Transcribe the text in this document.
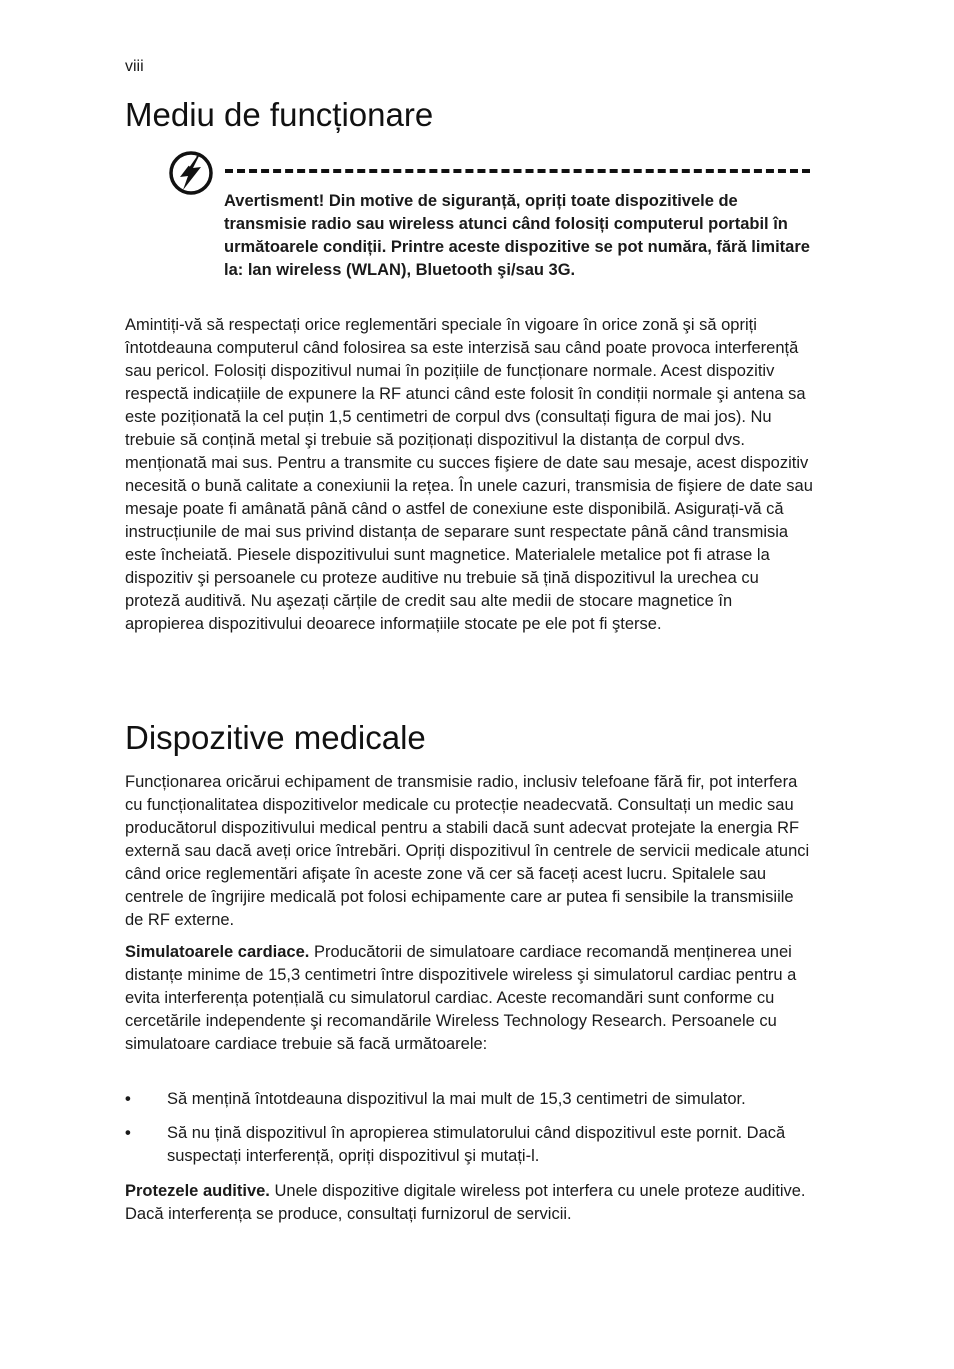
viii
Mediu de funcționare

Avertisment! Din motive de siguranță, opriți toate dispozitivele de transmisie radio sau wireless atunci când folosiți computerul portabil în următoarele condiții. Printre aceste dispozitive se pot număra, fără limitare la: lan wireless (WLAN), Bluetooth şi/sau 3G.

Amintiți-vă să respectați orice reglementări speciale în vigoare în orice zonă şi să opriți întotdeauna computerul când folosirea sa este interzisă sau când poate provoca interferență sau pericol. Folosiți dispozitivul numai în pozițiile de funcționare normale. Acest dispozitiv respectă indicațiile de expunere la RF atunci când este folosit în condiții normale şi antena sa este poziționată la cel puțin 1,5 centimetri de corpul dvs (consultați figura de mai jos). Nu trebuie să conțină metal şi trebuie să poziționați dispozitivul la distanța de corpul dvs. menționată mai sus. Pentru a transmite cu succes fişiere de date sau mesaje, acest dispozitiv necesită o bună calitate a conexiunii la rețea. În unele cazuri, transmisia de fişiere de date sau mesaje poate fi amânată până când o astfel de conexiune este disponibilă. Asigurați-vă că instrucțiunile de mai sus privind distanța de separare sunt respectate până când transmisia este încheiată. Piesele dispozitivului sunt magnetice. Materialele metalice pot fi atrase la dispozitiv şi persoanele cu proteze auditive nu trebuie să țină dispozitivul la urechea cu proteză auditivă. Nu aşezați cărțile de credit sau alte medii de stocare magnetice în apropierea dispozitivului deoarece informațiile stocate pe ele pot fi şterse.

Dispozitive medicale

Funcționarea oricărui echipament de transmisie radio, inclusiv telefoane fără fir, pot interfera cu funcționalitatea dispozitivelor medicale cu protecție neadecvată. Consultați un medic sau producătorul dispozitivului medical pentru a stabili dacă sunt adecvat protejate la energia RF externă sau dacă aveți orice întrebări. Opriți dispozitivul în centrele de servicii medicale atunci când orice reglementări afişate în aceste zone vă cer să faceți acest lucru. Spitalele sau centrele de îngrijire medicală pot folosi echipamente care ar putea fi sensibile la transmisiile de RF externe.

Simulatoarele cardiace. Producătorii de simulatoare cardiace recomandă menținerea unei distanțe minime de 15,3 centimetri între dispozitivele wireless şi simulatorul cardiac pentru a evita interferența potențială cu simulatorul cardiac. Aceste recomandări sunt conforme cu cercetările independente şi recomandările Wireless Technology Research. Persoanele cu simulatoare cardiace trebuie să facă următoarele:

• Să mențină întotdeauna dispozitivul la mai mult de 15,3 centimetri de simulator.
• Să nu țină dispozitivul în apropierea stimulatorului când dispozitivul este pornit. Dacă suspectați interferență, opriți dispozitivul şi mutați-l.

Protezele auditive. Unele dispozitive digitale wireless pot interfera cu unele proteze auditive. Dacă interferența se produce, consultați furnizorul de servicii.
